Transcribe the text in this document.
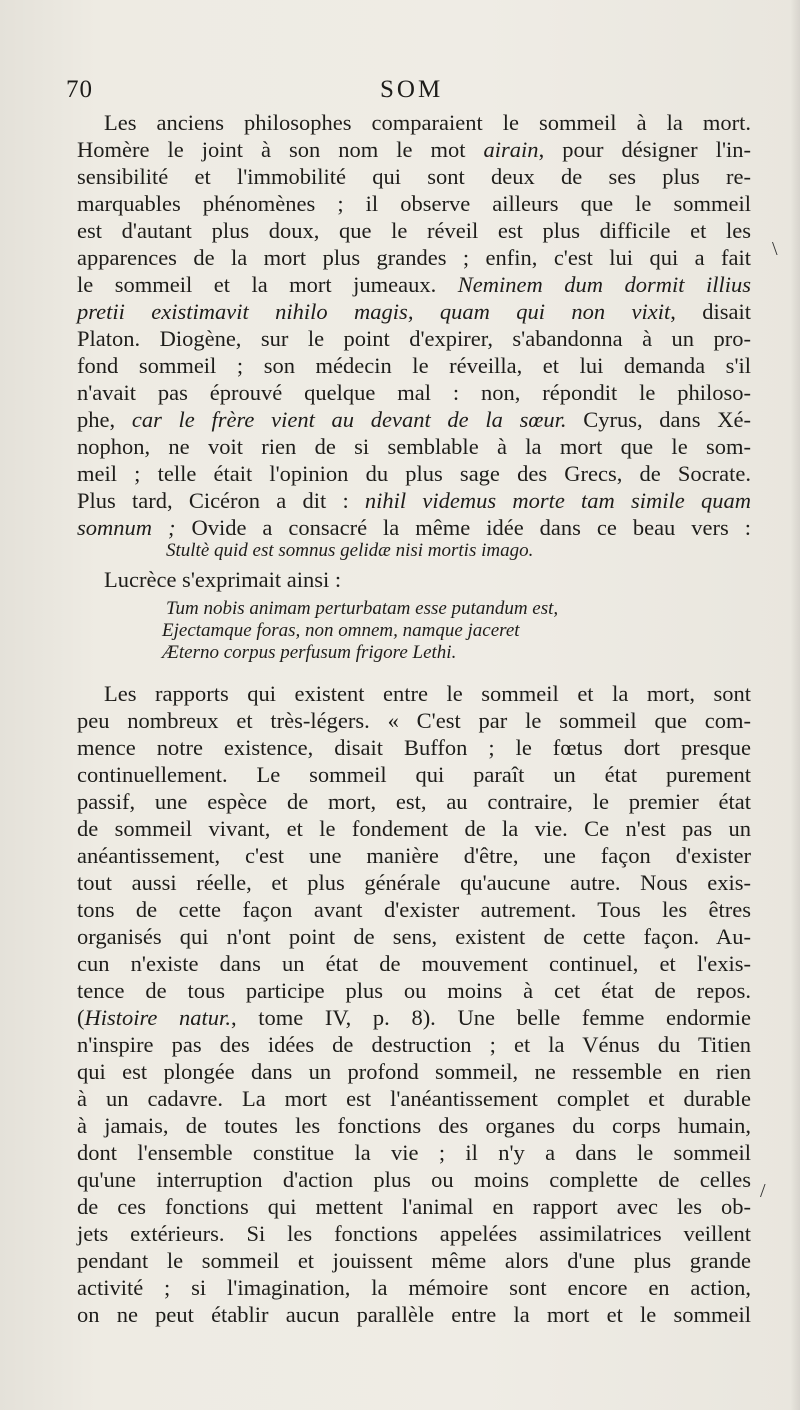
70	SOM
Les anciens philosophes comparaient le sommeil à la mort.
Homère le joint à son nom le mot airain, pour désigner l'in-
sensibilité et l'immobilité qui sont deux de ses plus re-
marquables phénomènes ; il observe ailleurs que le sommeil
est d'autant plus doux, que le réveil est plus difficile et les
apparences de la mort plus grandes ; enfin, c'est lui qui a fait
le sommeil et la mort jumeaux. Neminem dum dormit illius
pretii existimavit nihilo magis, quam qui non vixit, disait
Platon. Diogène, sur le point d'expirer, s'abandonna à un pro-
fond sommeil ; son médecin le réveilla, et lui demanda s'il
n'avait pas éprouvé quelque mal : non, répondit le philoso-
phe, car le frère vient au devant de la sœur. Cyrus, dans Xé-
nophon, ne voit rien de si semblable à la mort que le som-
meil ; telle était l'opinion du plus sage des Grecs, de Socrate.
Plus tard, Cicéron a dit : nihil videmus morte tam simile quam
somnum ; Ovide a consacré la même idée dans ce beau vers :
Stultè quid est somnus gelidæ nisi mortis imago.
Lucrèce s'exprimait ainsi :
Tum nobis animam perturbatam esse putandum est,
Ejectamque foras, non omnem, namque jaceret
Æterno corpus perfusum frigore Lethi.
Les rapports qui existent entre le sommeil et la mort, sont
peu nombreux et très-légers. « C'est par le sommeil que com-
mence notre existence, disait Buffon ; le fœtus dort presque
continuellement. Le sommeil qui paraît un état purement
passif, une espèce de mort, est, au contraire, le premier état
de sommeil vivant, et le fondement de la vie. Ce n'est pas un
anéantissement, c'est une manière d'être, une façon d'exister
tout aussi réelle, et plus générale qu'aucune autre. Nous exis-
tons de cette façon avant d'exister autrement. Tous les êtres
organisés qui n'ont point de sens, existent de cette façon. Au-
cun n'existe dans un état de mouvement continuel, et l'exis-
tence de tous participe plus ou moins à cet état de repos.
(Histoire natur., tome IV, p. 8). Une belle femme endormie
n'inspire pas des idées de destruction ; et la Vénus du Titien
qui est plongée dans un profond sommeil, ne ressemble en rien
à un cadavre. La mort est l'anéantissement complet et durable
à jamais, de toutes les fonctions des organes du corps humain,
dont l'ensemble constitue la vie ; il n'y a dans le sommeil
qu'une interruption d'action plus ou moins complette de celles
de ces fonctions qui mettent l'animal en rapport avec les ob-
jets extérieurs. Si les fonctions appelées assimilatrices veillent
pendant le sommeil et jouissent même alors d'une plus grande
activité ; si l'imagination, la mémoire sont encore en action,
on ne peut établir aucun parallèle entre la mort et le sommeil
\
/
